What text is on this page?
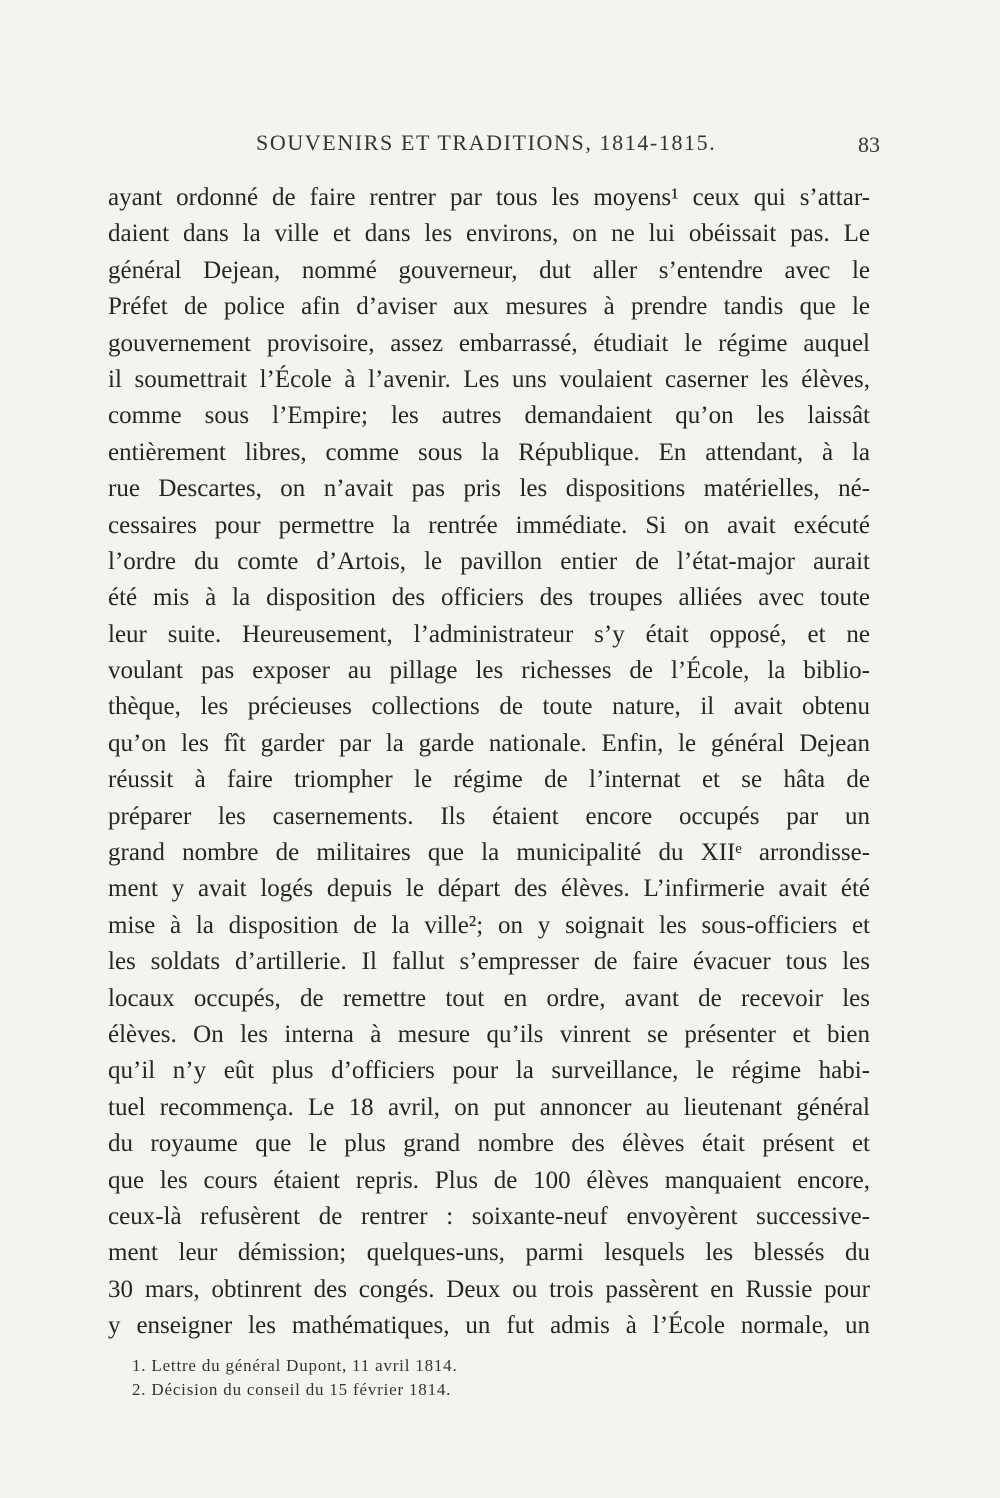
SOUVENIRS ET TRADITIONS, 1814-1815.	83
ayant ordonné de faire rentrer par tous les moyens¹ ceux qui s’attar-
daient dans la ville et dans les environs, on ne lui obéissait pas. Le
général Dejean, nommé gouverneur, dut aller s’entendre avec le
Préfet de police afin d’aviser aux mesures à prendre tandis que le
gouvernement provisoire, assez embarrassé, étudiait le régime auquel
il soumettrait l’École à l’avenir. Les uns voulaient caserner les élèves,
comme sous l’Empire; les autres demandaient qu’on les laissât
entièrement libres, comme sous la République. En attendant, à la
rue Descartes, on n’avait pas pris les dispositions matérielles, né-
cessaires pour permettre la rentrée immédiate. Si on avait exécuté
l’ordre du comte d’Artois, le pavillon entier de l’état-major aurait
été mis à la disposition des officiers des troupes alliées avec toute
leur suite. Heureusement, l’administrateur s’y était opposé, et ne
voulant pas exposer au pillage les richesses de l’École, la biblio-
thèque, les précieuses collections de toute nature, il avait obtenu
qu’on les fît garder par la garde nationale. Enfin, le général Dejean
réussit à faire triompher le régime de l’internat et se hâta de
préparer les casernements. Ils étaient encore occupés par un
grand nombre de militaires que la municipalité du XIIᵉ arrondisse-
ment y avait logés depuis le départ des élèves. L’infirmerie avait été
mise à la disposition de la ville²; on y soignait les sous-officiers et
les soldats d’artillerie. Il fallut s’empresser de faire évacuer tous les
locaux occupés, de remettre tout en ordre, avant de recevoir les
élèves. On les interna à mesure qu’ils vinrent se présenter et bien
qu’il n’y eût plus d’officiers pour la surveillance, le régime habi-
tuel recommença. Le 18 avril, on put annoncer au lieutenant général
du royaume que le plus grand nombre des élèves était présent et
que les cours étaient repris. Plus de 100 élèves manquaient encore,
ceux-là refusèrent de rentrer : soixante-neuf envoyèrent successive-
ment leur démission; quelques-uns, parmi lesquels les blessés du
30 mars, obtinrent des congés. Deux ou trois passèrent en Russie pour
y enseigner les mathématiques, un fut admis à l’École normale, un
1. Lettre du général Dupont, 11 avril 1814.
2. Décision du conseil du 15 février 1814.
